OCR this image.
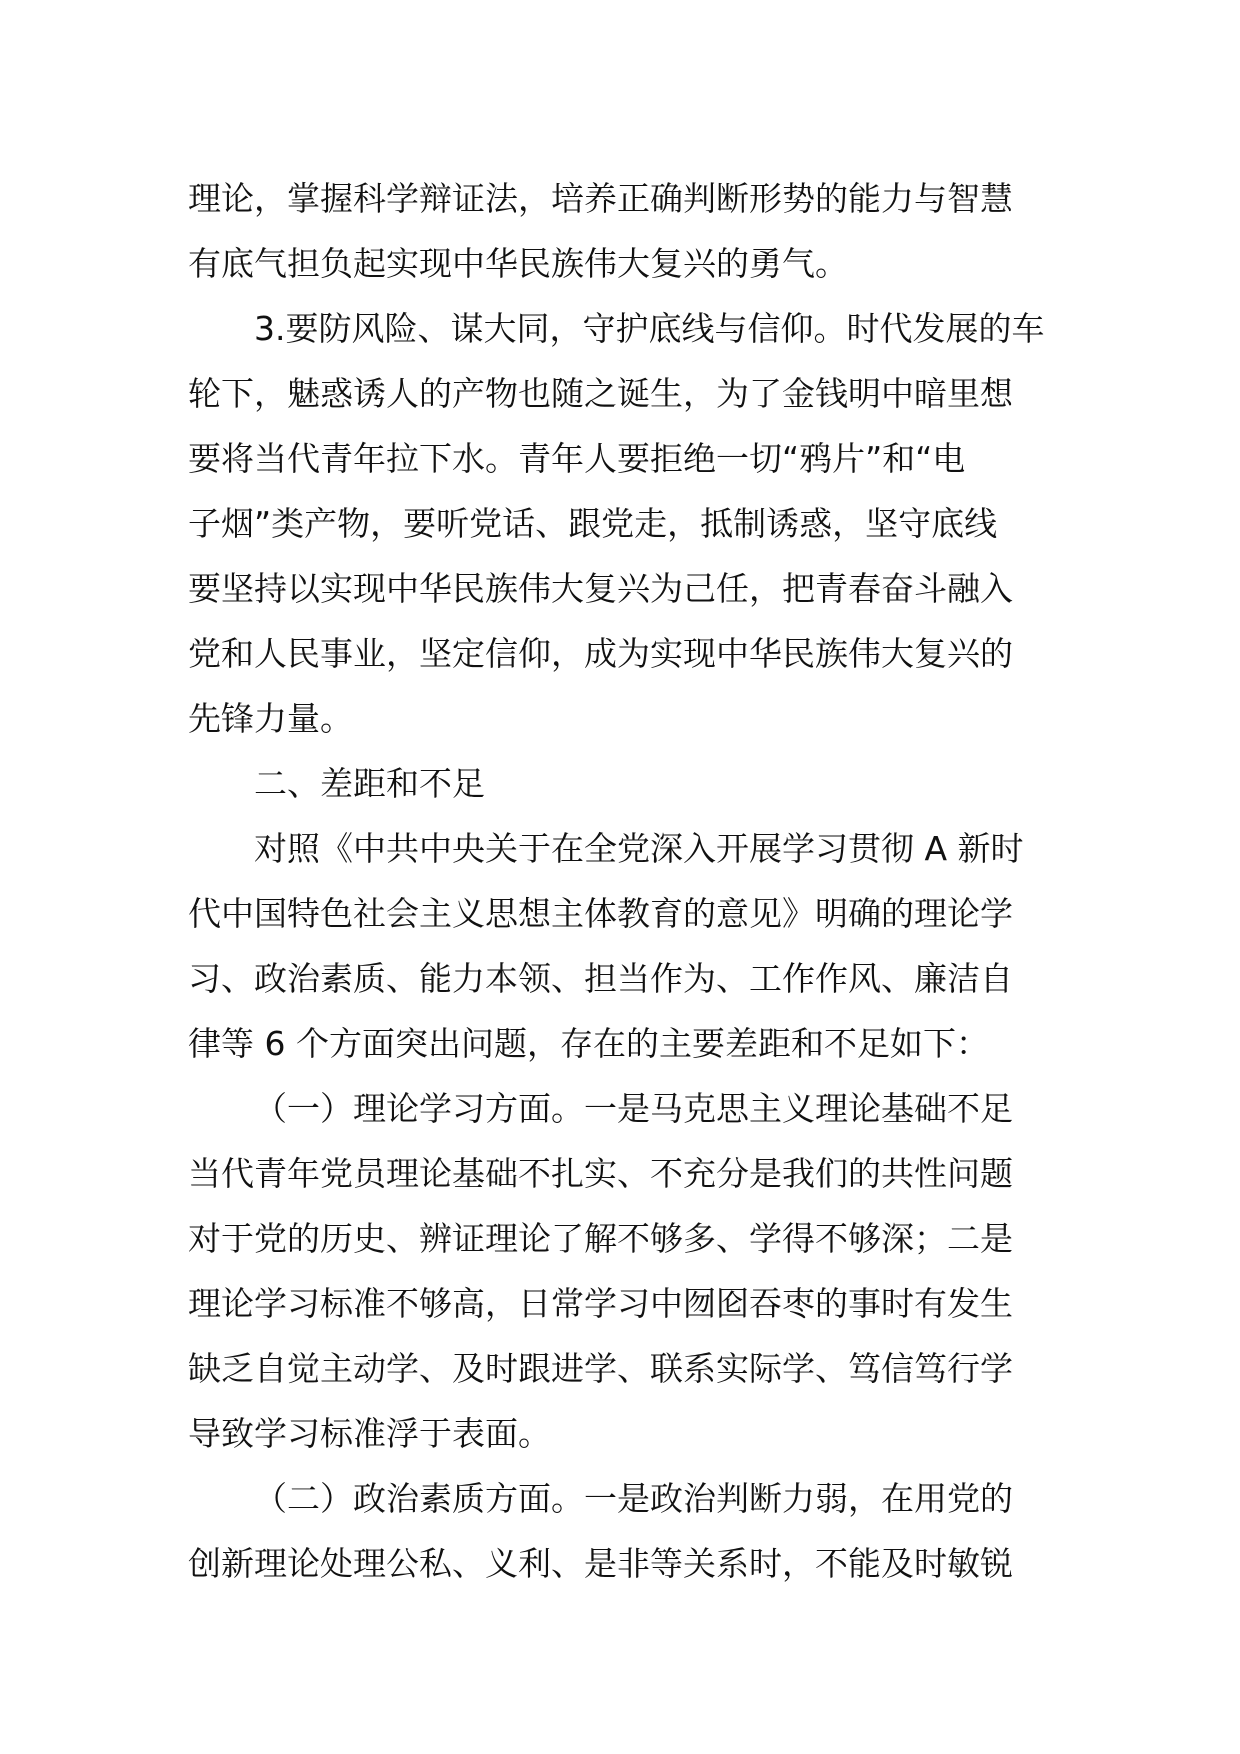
理论，掌握科学辩证法，培养正确判断形势的能力与智慧
有底气担负起实现中华民族伟大复兴的勇气。
3.要防风险、谋大同，守护底线与信仰。时代发展的车
轮下，魅惑诱人的产物也随之诞生，为了金钱明中暗里想
要将当代青年拉下水。青年人要拒绝一切“鸦片”和“电
子烟”类产物，要听党话、跟党走，抵制诱惑，坚守底线
要坚持以实现中华民族伟大复兴为己任，把青春奋斗融入
党和人民事业，坚定信仰，成为实现中华民族伟大复兴的
先锋力量。
二、差距和不足
对照《中共中央关于在全党深入开展学习贯彻 A 新时
代中国特色社会主义思想主体教育的意见》明确的理论学
习、政治素质、能力本领、担当作为、工作作风、廉洁自
律等 6 个方面突出问题，存在的主要差距和不足如下：
（一）理论学习方面。一是马克思主义理论基础不足
当代青年党员理论基础不扎实、不充分是我们的共性问题
对于党的历史、辨证理论了解不够多、学得不够深；二是
理论学习标准不够高，日常学习中囫囵吞枣的事时有发生
缺乏自觉主动学、及时跟进学、联系实际学、笃信笃行学
导致学习标准浮于表面。
（二）政治素质方面。一是政治判断力弱，在用党的
创新理论处理公私、义利、是非等关系时，不能及时敏锐
